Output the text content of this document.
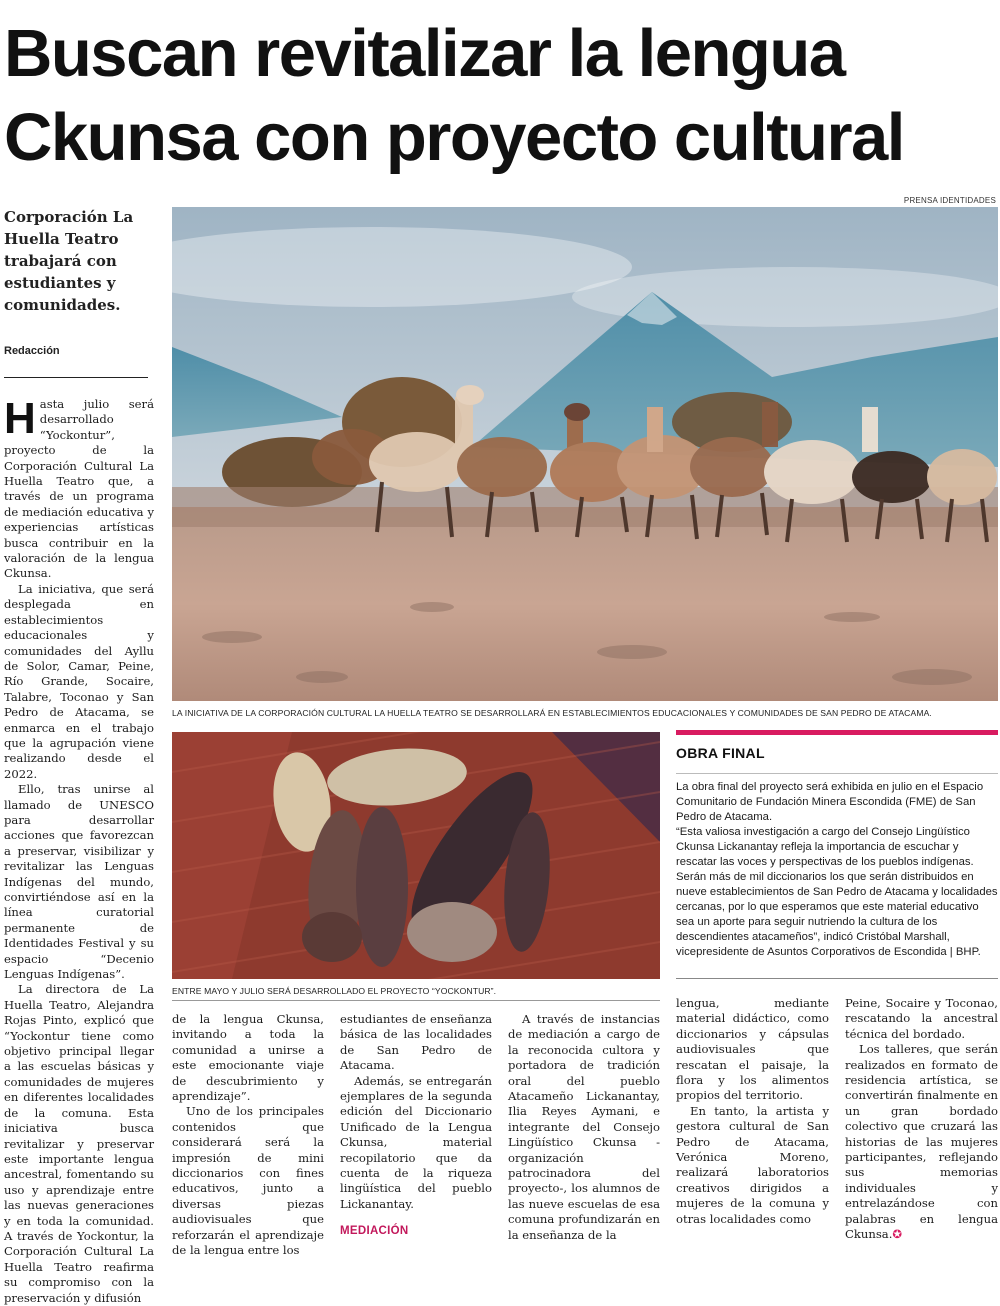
Buscan revitalizar la lengua
Ckunsa con proyecto cultural
PRENSA IDENTIDADES
Corporación La Huella Teatro trabajará con estudiantes y comunidades.
Redacción
LA INICIATIVA DE LA CORPORACIÓN CULTURAL LA HUELLA TEATRO SE DESARROLLARÁ EN ESTABLECIMIENTOS EDUCACIONALES Y COMUNIDADES DE SAN PEDRO DE ATACAMA.
ENTRE MAYO Y JULIO SERÁ DESARROLLADO EL PROYECTO “YOCKONTUR”.

Hasta julio será desarrollado “Yockontur”, proyecto de la Corporación Cultural La Huella Teatro que, a través de un programa de mediación educativa y experiencias artísticas busca contribuir en la valoración de la lengua Ckunsa.

La iniciativa, que será desplegada en establecimientos educacionales y comunidades del Ayllu de Solor, Camar, Peine, Río Grande, Socaire, Talabre, Toconao y San Pedro de Atacama, se enmarca en el trabajo que la agrupación viene realizando desde el 2022.

Ello, tras unirse al llamado de UNESCO para desarrollar acciones que favorezcan a preservar, visibilizar y revitalizar las Lenguas Indígenas del mundo, convirtiéndose así en la línea curatorial permanente de Identidades Festival y su espacio “Decenio Lenguas Indígenas”.

La directora de La Huella Teatro, Alejandra Rojas Pinto, explicó que “Yockontur tiene como objetivo principal llegar a las escuelas básicas y comunidades de mujeres en diferentes localidades de la comuna. Esta iniciativa busca revitalizar y preservar este importante lengua ancestral, fomentando su uso y aprendizaje entre las nuevas generaciones y en toda la comunidad. A través de Yockontur, la Corporación Cultural La Huella Teatro reafirma su compromiso con la preservación y difusión

de la lengua Ckunsa, invitando a toda la comunidad a unirse a este emocionante viaje de descubrimiento y aprendizaje”.

Uno de los principales contenidos que considerará será la impresión de mini diccionarios con fines educativos, junto a diversas piezas audiovisuales que reforzarán el aprendizaje de la lengua entre los

estudiantes de enseñanza básica de las localidades de San Pedro de Atacama.

Además, se entregarán ejemplares de la segunda edición del Diccionario Unificado de la Lengua Ckunsa, material recopilatorio que da cuenta de la riqueza lingüística del pueblo Lickanantay.

MEDIACIÓN

A través de instancias de mediación a cargo de la reconocida cultora y portadora de tradición oral del pueblo Atacameño Lickanantay, Ilia Reyes Aymani, e integrante del Consejo Lingüístico Ckunsa -organización patrocinadora del proyecto-, los alumnos de las nueve escuelas de esa comuna profundizarán en la enseñanza de la

lengua, mediante material didáctico, como diccionarios y cápsulas audiovisuales que rescatan el paisaje, la flora y los alimentos propios del territorio.

En tanto, la artista y gestora cultural de San Pedro de Atacama, Verónica Moreno, realizará laboratorios creativos dirigidos a mujeres de la comuna y otras localidades como

Peine, Socaire y Toconao, rescatando la ancestral técnica del bordado.

Los talleres, que serán realizados en formato de residencia artística, se convertirán finalmente en un gran bordado colectivo que cruzará las historias de las mujeres participantes, reflejando sus memorias individuales y entrelazándose con palabras en lengua Ckunsa.✪

OBRA FINAL

La obra final del proyecto será exhibida en julio en el Espacio Comunitario de Fundación Minera Escondida (FME) de San Pedro de Atacama.

“Esta valiosa investigación a cargo del Consejo Lingüístico Ckunsa Lickanantay refleja la importancia de escuchar y rescatar las voces y perspectivas de los pueblos indígenas. Serán más de mil diccionarios los que serán distribuidos en nueve establecimientos de San Pedro de Atacama y localidades cercanas, por lo que esperamos que este material educativo sea un aporte para seguir nutriendo la cultura de los descendientes atacameños”, indicó Cristóbal Marshall, vicepresidente de Asuntos Corporativos de Escondida | BHP.
